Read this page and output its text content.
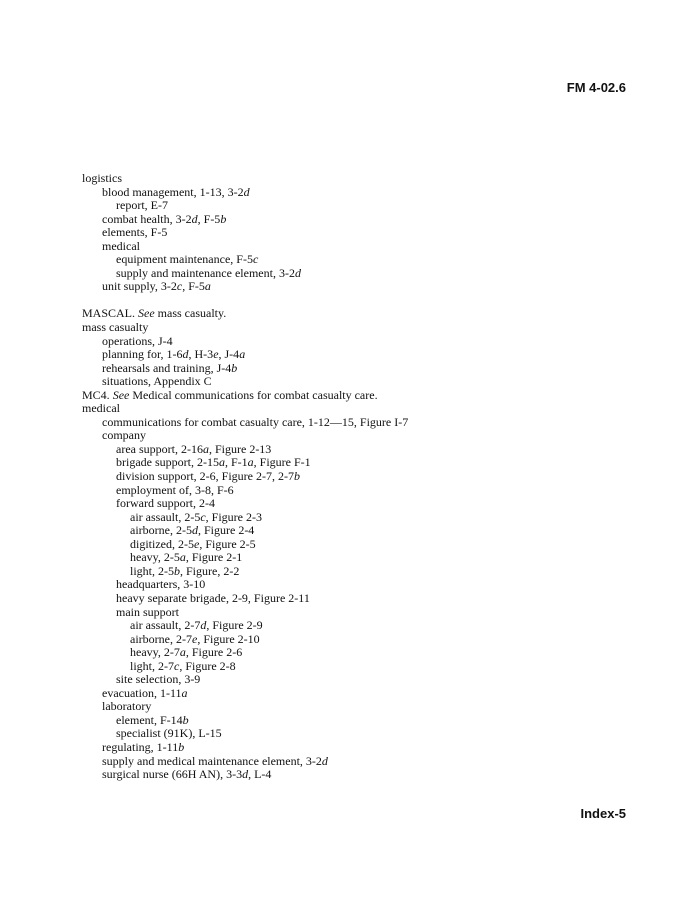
FM 4-02.6
logistics
blood management, 1-13, 3-2d
report, E-7
combat health, 3-2d, F-5b
elements, F-5
medical
equipment maintenance, F-5c
supply and maintenance element, 3-2d
unit supply, 3-2c, F-5a
MASCAL. See mass casualty.
mass casualty
operations, J-4
planning for, 1-6d, H-3e, J-4a
rehearsals and training, J-4b
situations, Appendix C
MC4. See Medical communications for combat casualty care.
medical
communications for combat casualty care, 1-12—15, Figure I-7
company
area support, 2-16a, Figure 2-13
brigade support, 2-15a, F-1a, Figure F-1
division support, 2-6, Figure 2-7, 2-7b
employment of, 3-8, F-6
forward support, 2-4
air assault, 2-5c, Figure 2-3
airborne, 2-5d, Figure 2-4
digitized, 2-5e, Figure 2-5
heavy, 2-5a, Figure 2-1
light, 2-5b, Figure, 2-2
headquarters, 3-10
heavy separate brigade, 2-9, Figure 2-11
main support
air assault, 2-7d, Figure 2-9
airborne, 2-7e, Figure 2-10
heavy, 2-7a, Figure 2-6
light, 2-7c, Figure 2-8
site selection, 3-9
evacuation, 1-11a
laboratory
element, F-14b
specialist (91K), L-15
regulating, 1-11b
supply and medical maintenance element, 3-2d
surgical nurse (66H AN), 3-3d, L-4
Index-5
